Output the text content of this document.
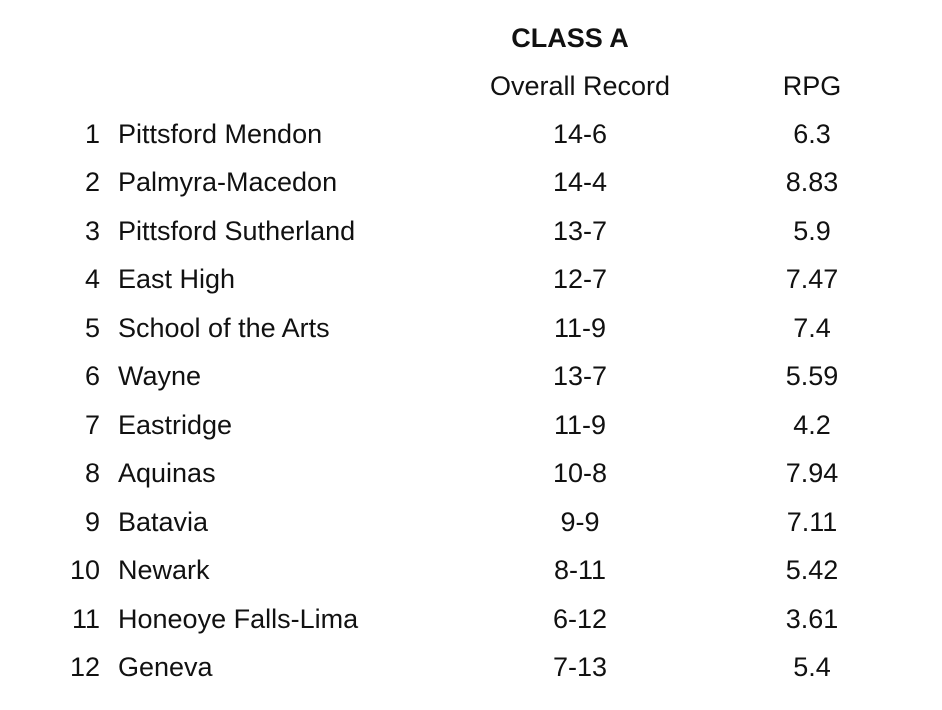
CLASS A
Overall Record	RPG
1 Pittsford Mendon	14-6	6.3
2 Palmyra-Macedon	14-4	8.83
3 Pittsford Sutherland	13-7	5.9
4 East High	12-7	7.47
5 School of the Arts	11-9	7.4
6 Wayne	13-7	5.59
7 Eastridge	11-9	4.2
8 Aquinas	10-8	7.94
9 Batavia	9-9	7.11
10 Newark	8-11	5.42
11 Honeoye Falls-Lima	6-12	3.61
12 Geneva	7-13	5.4
